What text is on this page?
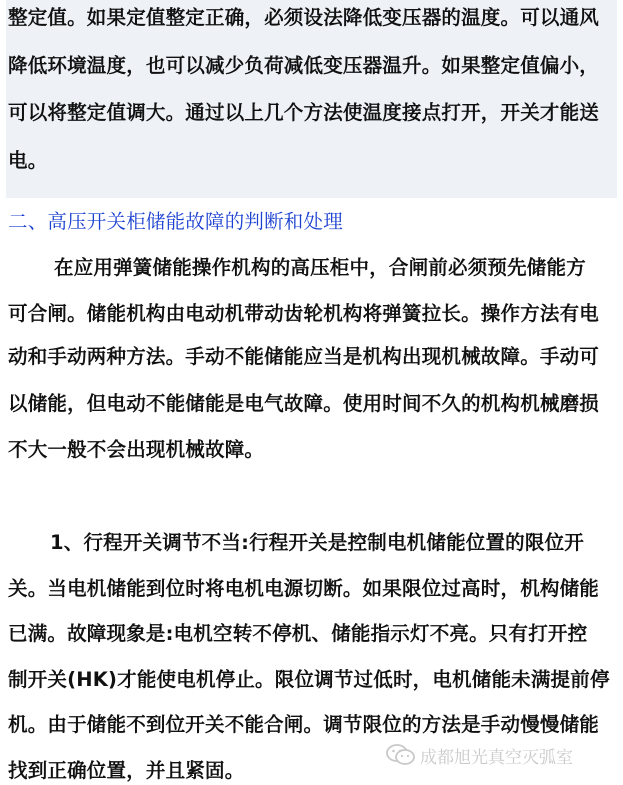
整定值。如果定值整定正确，必须设法降低变压器的温度。可以通风
降低环境温度，也可以减少负荷减低变压器温升。如果整定值偏小，
可以将整定值调大。通过以上几个方法使温度接点打开，开关才能送
电。
二、高压开关柜储能故障的判断和处理
在应用弹簧储能操作机构的高压柜中，合闸前必须预先储能方
可合闸。储能机构由电动机带动齿轮机构将弹簧拉长。操作方法有电
动和手动两种方法。手动不能储能应当是机构出现机械故障。手动可
以储能，但电动不能储能是电气故障。使用时间不久的机构机械磨损
不大一般不会出现机械故障。
1、行程开关调节不当:行程开关是控制电机储能位置的限位开
关。当电机储能到位时将电机电源切断。如果限位过高时，机构储能
已满。故障现象是:电机空转不停机、储能指示灯不亮。只有打开控
制开关(HK)才能使电机停止。限位调节过低时，电机储能未满提前停
机。由于储能不到位开关不能合闸。调节限位的方法是手动慢慢储能
找到正确位置，并且紧固。
成都旭光真空灭弧室
